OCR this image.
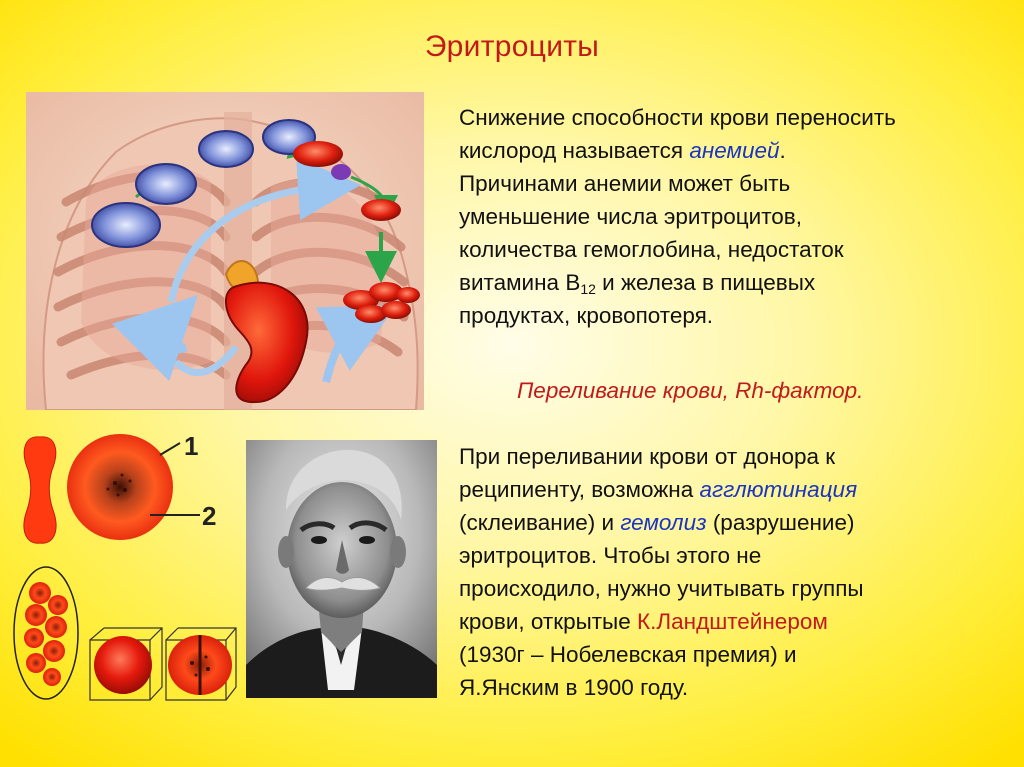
Эритроциты
1
2
Снижение способности крови переносить
кислород называется анемией.
Причинами анемии может быть
уменьшение числа эритроцитов,
количества гемоглобина, недостаток
витамина $В_{12}$ и железа в пищевых
продуктах, кровопотеря.
Переливание крови, Rh-фактор.
При переливании крови от донора к
реципиенту, возможна агглютинация
(склеивание) и гемолиз (разрушение)
эритроцитов. Чтобы этого не
происходило, нужно учитывать группы
крови, открытые К.Ландштейнером
(1930г – Нобелевская премия) и
Я.Янским в 1900 году.
